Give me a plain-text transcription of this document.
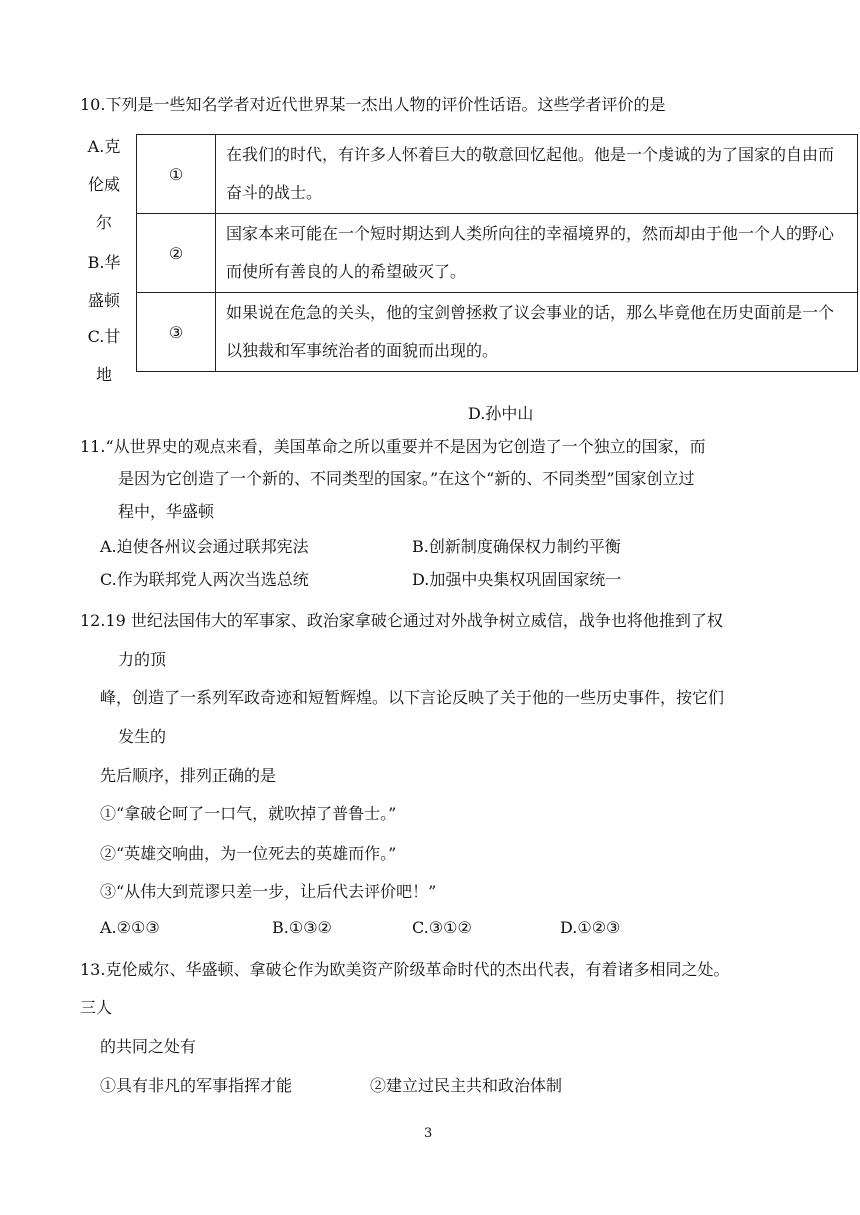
10.下列是一些知名学者对近代世界某一杰出人物的评价性话语。这些学者评价的是
A.克伦威尔
B.华盛顿
C.甘地
①	在我们的时代，有许多人怀着巨大的敬意回忆起他。他是一个虔诚的为了国家的自由而奋斗的战士。
②	国家本来可能在一个短时期达到人类所向往的幸福境界的，然而却由于他一个人的野心而使所有善良的人的希望破灭了。
③	如果说在危急的关头，他的宝剑曾拯救了议会事业的话，那么毕竟他在历史面前是一个以独裁和军事统治者的面貌而出现的。
D.孙中山
11.“从世界史的观点来看，美国革命之所以重要并不是因为它创造了一个独立的国家，而
是因为它创造了一个新的、不同类型的国家。”在这个“新的、不同类型”国家创立过
程中，华盛顿
A.迫使各州议会通过联邦宪法	B.创新制度确保权力制约平衡
C.作为联邦党人两次当选总统	D.加强中央集权巩固国家统一
12.19 世纪法国伟大的军事家、政治家拿破仑通过对外战争树立威信，战争也将他推到了权
力的顶
峰，创造了一系列军政奇迹和短暂辉煌。以下言论反映了关于他的一些历史事件，按它们
发生的
先后顺序，排列正确的是
①“拿破仑呵了一口气，就吹掉了普鲁士。”
②“英雄交响曲，为一位死去的英雄而作。”
③“从伟大到荒谬只差一步，让后代去评价吧！”
A.②①③	B.①③②	C.③①②	D.①②③
13.克伦威尔、华盛顿、拿破仑作为欧美资产阶级革命时代的杰出代表，有着诸多相同之处。
三人
的共同之处有
①具有非凡的军事指挥才能	②建立过民主共和政治体制
3
